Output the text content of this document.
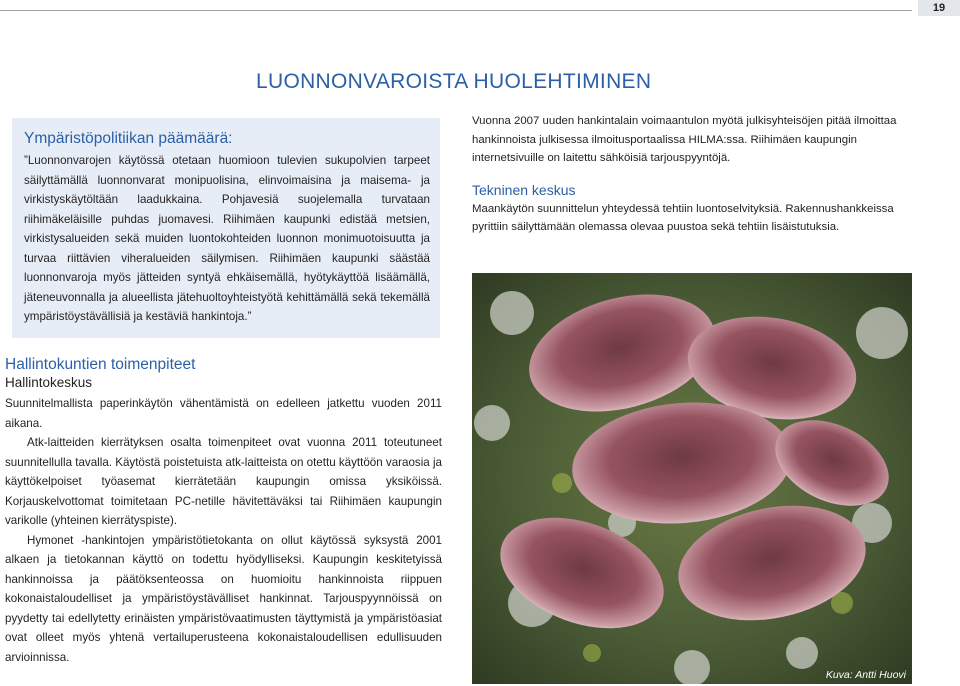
19
LUONNONVAROISTA HUOLEHTIMINEN
Ympäristöpolitiikan päämäärä:

”Luonnonvarojen käytössä otetaan huomioon tulevien sukupolvien tarpeet säilyttämällä luonnonvarat monipuolisina, elinvoimaisina ja maisema- ja virkistyskäytöltään laadukkaina. Pohjavesiä suojelemalla turvataan riihimäkeläisille puhdas juomavesi. Riihimäen kaupunki edistää metsien, virkistysalueiden sekä muiden luontokohteiden luonnon monimuotoisuutta ja turvaa riittävien viheralueiden säilymisen. Riihimäen kaupunki säästää luonnonvaroja myös jätteiden syntyä ehkäisemällä, hyötykäyttöä lisäämällä, jäteneuvonnalla ja alueellista jätehuoltoyhteistyötä kehittämällä sekä tekemällä ympäristöystävällisiä ja kestäviä hankintoja.”

Vuonna 2007 uuden hankintalain voimaantulon myötä julkisyhteisöjen pitää ilmoittaa hankinnoista julkisessa ilmoitusportaalissa HILMA:ssa. Riihimäen kaupungin internetsivuille on laitettu sähköisiä tarjouspyyntöjä.

Tekninen keskus

Maankäytön suunnittelun yhteydessä tehtiin luontoselvityksiä. Rakennushankkeissa pyrittiin säilyttämään olemassa olevaa puustoa sekä tehtiin lisäistutuksia.

Hallintokuntien toimenpiteet
Hallintokeskus

Suunnitelmallista paperinkäytön vähentämistä on edelleen jatkettu vuoden 2011 aikana.

Atk-laitteiden kierrätyksen osalta toimenpiteet ovat vuonna 2011 toteutuneet suunnitellulla tavalla. Käytöstä poistetuista atk-laitteista on otettu käyttöön varaosia ja käyttökelpoiset työasemat kierrätetään kaupungin omissa yksiköissä. Korjauskelvottomat toimitetaan PC-netille hävitettäväksi tai Riihimäen kaupungin varikolle (yhteinen kierrätyspiste).

Hymonet -hankintojen ympäristötietokanta on ollut käytössä syksystä 2001 alkaen ja tietokannan käyttö on todettu hyödylliseksi. Kaupungin keskitetyissä hankinnoissa ja päätöksenteossa on huomioitu hankinnoista riippuen kokonaistaloudelliset ja ympäristöystävälliset hankinnat. Tarjouspyynnöissä on pyydetty tai edellytetty erinäisten ympäristövaatimusten täyttymistä ja ympäristöasiat ovat olleet myös yhtenä vertailuperusteena kokonaistaloudellisen edullisuuden arvioinnissa.

Kuva: Antti Huovi
